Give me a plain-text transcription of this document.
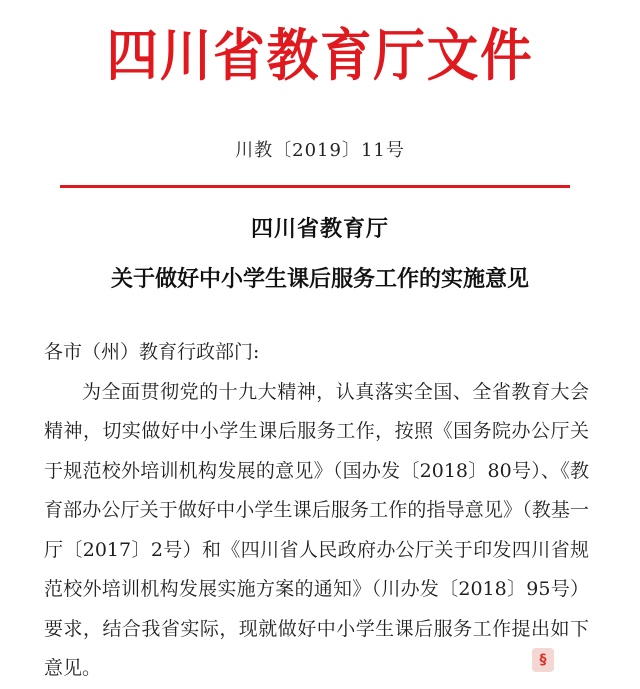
四川省教育厅文件
川教〔2019〕11号
四川省教育厅
关于做好中小学生课后服务工作的实施意见
各市（州）教育行政部门:
为全面贯彻党的十九大精神，认真落实全国、全省教育大会精神，切实做好中小学生课后服务工作，按照《国务院办公厅关于规范校外培训机构发展的意见》（国办发〔2018〕80号）、《教育部办公厅关于做好中小学生课后服务工作的指导意见》（教基一厅〔2017〕2号）和《四川省人民政府办公厅关于印发四川省规范校外培训机构发展实施方案的通知》（川办发〔2018〕95号）要求，结合我省实际，现就做好中小学生课后服务工作提出如下意见。	§
